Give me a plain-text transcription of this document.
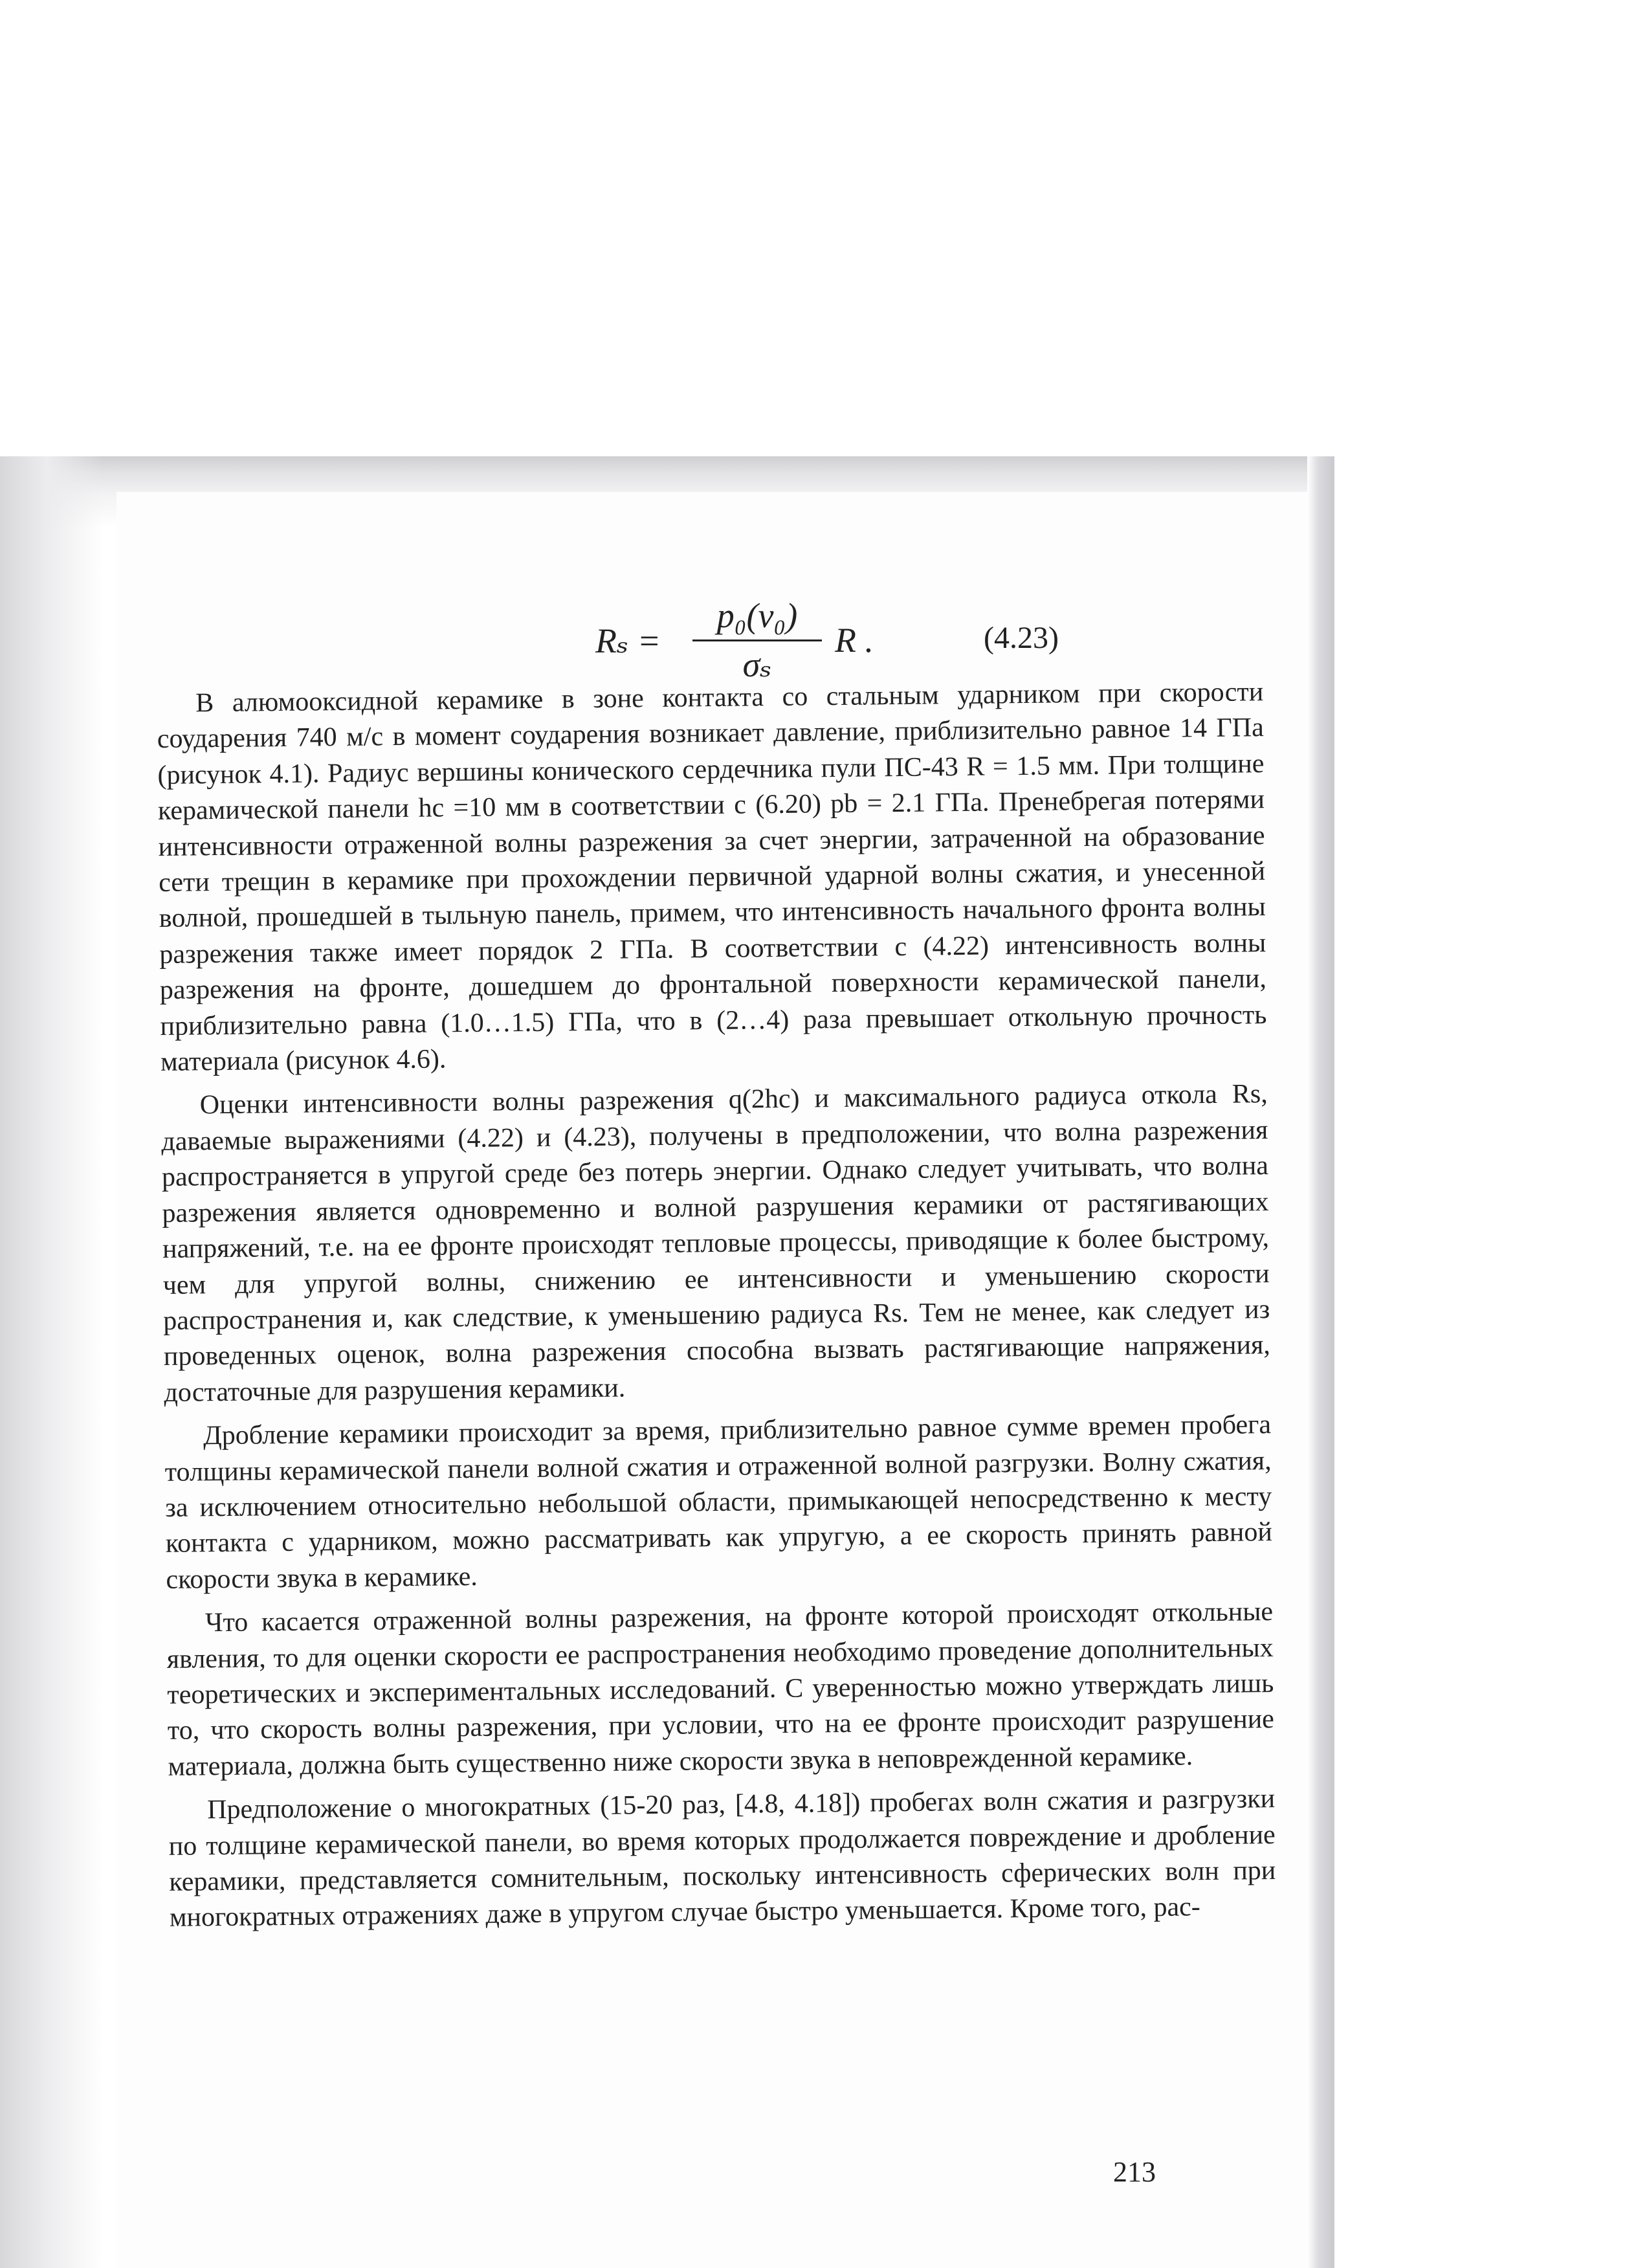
Rₛ =
p₀(v₀)
σₛ
R .	(4.23)

В алюмооксидной керамике в зоне контакта со стальным ударником при скорости соударения 740 м/с в момент соударения возникает давление, приблизительно равное 14 ГПа (рисунок 4.1). Радиус вершины конического сердечника пули ПС-43 R = 1.5 мм. При толщине керамической панели hc =10 мм в соответствии с (6.20) pb = 2.1 ГПа. Пренебрегая потерями интенсивности отраженной волны разрежения за счет энергии, затраченной на образование сети трещин в керамике при прохождении первичной ударной волны сжатия, и унесенной волной, прошедшей в тыльную панель, примем, что интенсивность начального фронта волны разрежения также имеет порядок 2 ГПа. В соответствии с (4.22) интенсивность волны разрежения на фронте, дошедшем до фронтальной поверхности керамической панели, приблизительно равна (1.0…1.5) ГПа, что в (2…4) раза превышает откольную прочность материала (рисунок 4.6).

Оценки интенсивности волны разрежения q(2hc) и максимального радиуса откола Rs, даваемые выражениями (4.22) и (4.23), получены в предположении, что волна разрежения распространяется в упругой среде без потерь энергии. Однако следует учитывать, что волна разрежения является одновременно и волной разрушения керамики от растягивающих напряжений, т.е. на ее фронте происходят тепловые процессы, приводящие к более быстрому, чем для упругой волны, снижению ее интенсивности и уменьшению скорости распространения и, как следствие, к уменьшению радиуса Rs. Тем не менее, как следует из проведенных оценок, волна разрежения способна вызвать растягивающие напряжения, достаточные для разрушения керамики.

Дробление керамики происходит за время, приблизительно равное сумме времен пробега толщины керамической панели волной сжатия и отраженной волной разгрузки. Волну сжатия, за исключением относительно небольшой области, примыкающей непосредственно к месту контакта с ударником, можно рассматривать как упругую, а ее скорость принять равной скорости звука в керамике.

Что касается отраженной волны разрежения, на фронте которой происходят откольные явления, то для оценки скорости ее распространения необходимо проведение дополнительных теоретических и экспериментальных исследований. С уверенностью можно утверждать лишь то, что скорость волны разрежения, при условии, что на ее фронте происходит разрушение материала, должна быть существенно ниже скорости звука в неповрежденной керамике.

Предположение о многократных (15-20 раз, [4.8, 4.18]) пробегах волн сжатия и разгрузки по толщине керамической панели, во время которых продолжается повреждение и дробление керамики, представляется сомнительным, поскольку интенсивность сферических волн при многократных отражениях даже в упругом случае быстро уменьшается. Кроме того, рас-

213
